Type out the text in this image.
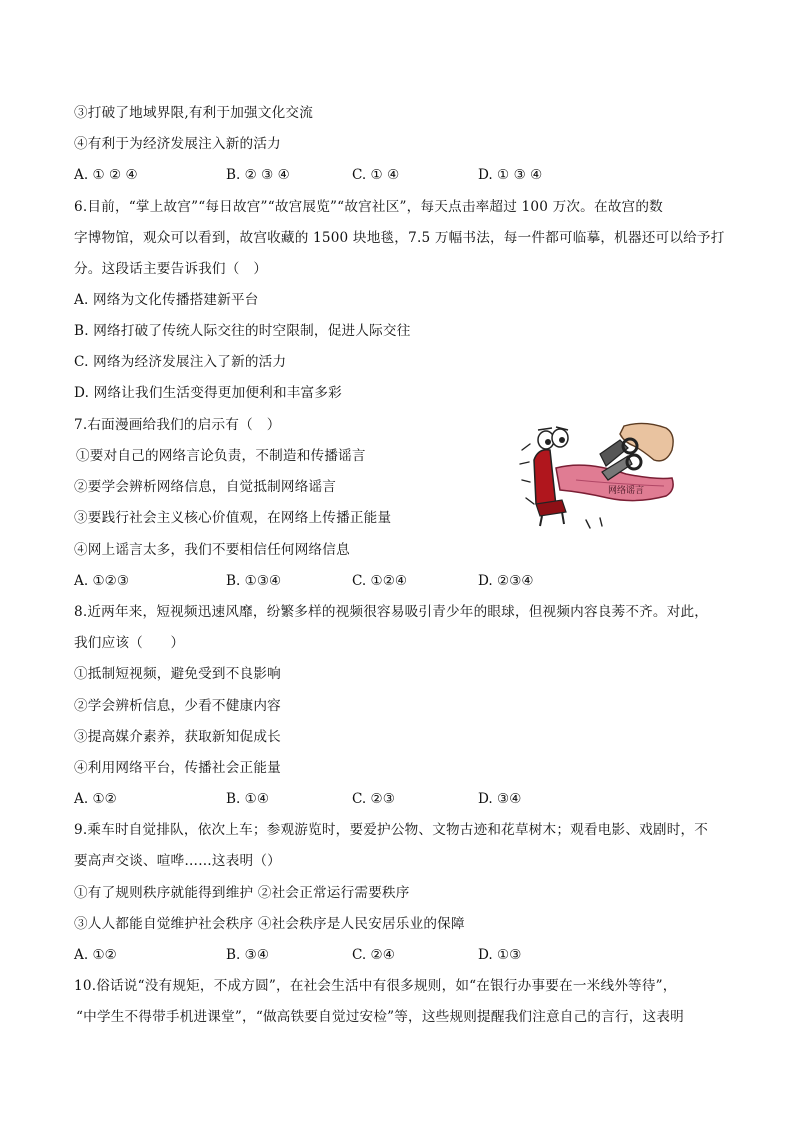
③打破了地域界限,有利于加强文化交流
④有利于为经济发展注入新的活力
A. ① ② ④	B. ② ③ ④	C. ① ④	D. ① ③ ④
6.目前，“掌上故宫”“每日故宫”“故宫展览”“故宫社区”，每天点击率超过 100 万次。在故宫的数
字博物馆，观众可以看到，故宫收藏的 1500 块地毯，7.5 万幅书法，每一件都可临摹，机器还可以给予打
分。这段话主要告诉我们（　）
A. 网络为文化传播搭建新平台
B. 网络打破了传统人际交往的时空限制，促进人际交往
C. 网络为经济发展注入了新的活力
D. 网络让我们生活变得更加便利和丰富多彩
7.右面漫画给我们的启示有（　）
①要对自己的网络言论负责，不制造和传播谣言
②要学会辨析网络信息，自觉抵制网络谣言
③要践行社会主义核心价值观，在网络上传播正能量
④网上谣言太多，我们不要相信任何网络信息
A. ①②③	B. ①③④	C. ①②④	D. ②③④
网络谣言
8.近两年来，短视频迅速风靡，纷繁多样的视频很容易吸引青少年的眼球，但视频内容良莠不齐。对此，
我们应该（　　）
①抵制短视频，避免受到不良影响
②学会辨析信息，少看不健康内容
③提高媒介素养，获取新知促成长
④利用网络平台，传播社会正能量
A. ①②	B. ①④	C. ②③	D. ③④
9.乘车时自觉排队，依次上车；参观游览时，要爱护公物、文物古迹和花草树木；观看电影、戏剧时，不
要高声交谈、喧哗……这表明（）
①有了规则秩序就能得到维护 ②社会正常运行需要秩序
③人人都能自觉维护社会秩序 ④社会秩序是人民安居乐业的保障
A. ①②	B. ③④	C. ②④	D. ①③
10.俗话说“没有规矩，不成方圆”，在社会生活中有很多规则，如“在银行办事要在一米线外等待”，
“中学生不得带手机进课堂”，“做高铁要自觉过安检”等，这些规则提醒我们注意自己的言行，这表明
